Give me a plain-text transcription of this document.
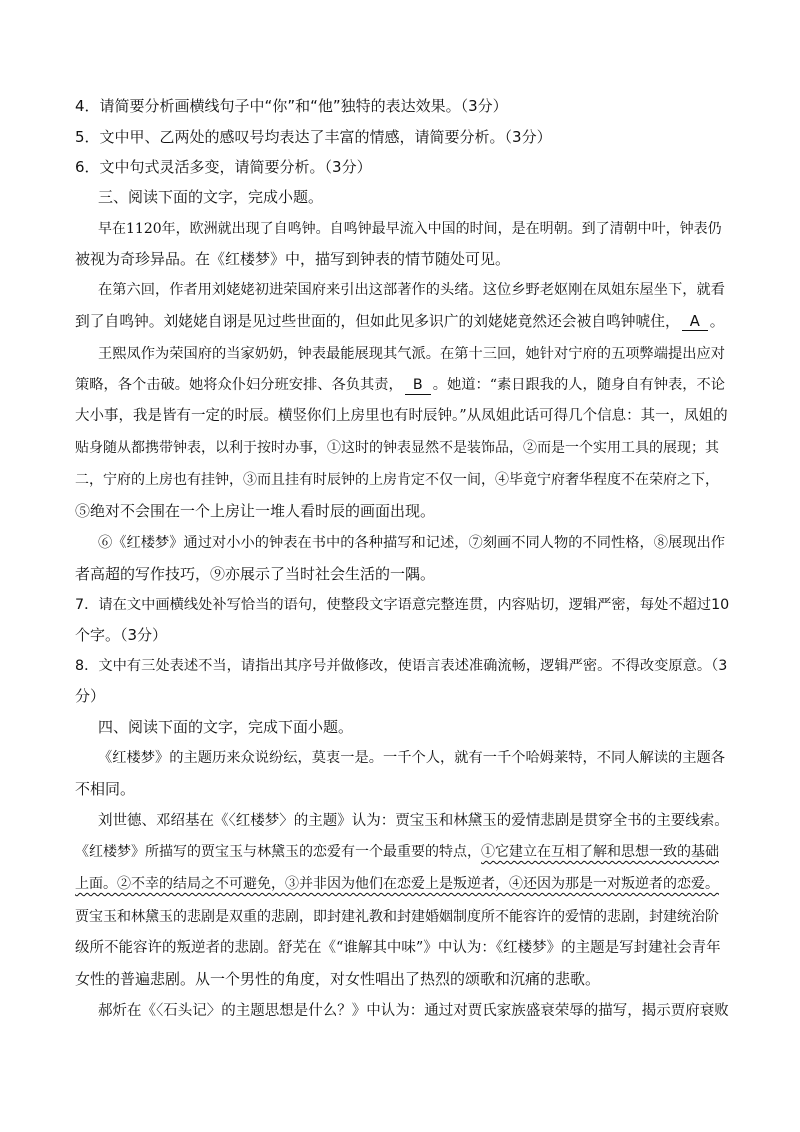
4．请简要分析画横线句子中“你”和“他”独特的表达效果。（3分）
5．文中甲、乙两处的感叹号均表达了丰富的情感，请简要分析。（3分）
6．文中句式灵活多变，请简要分析。（3分）
三、阅读下面的文字，完成小题。
早在1120年，欧洲就出现了自鸣钟。自鸣钟最早流入中国的时间，是在明朝。到了清朝中叶，钟表仍
被视为奇珍异品。在《红楼梦》中，描写到钟表的情节随处可见。
在第六回，作者用刘姥姥初进荣国府来引出这部著作的头绪。这位乡野老妪刚在凤姐东屋坐下，就看
到了自鸣钟。刘姥姥自诩是见过些世面的，但如此见多识广的刘姥姥竟然还会被自鸣钟唬住， A 。
王熙凤作为荣国府的当家奶奶，钟表最能展现其气派。在第十三回，她针对宁府的五项弊端提出应对
策略，各个击破。她将众仆妇分班安排、各负其责， B 。她道：“素日跟我的人，随身自有钟表，不论
大小事，我是皆有一定的时辰。横竖你们上房里也有时辰钟。”从凤姐此话可得几个信息：其一，凤姐的
贴身随从都携带钟表，以利于按时办事，①这时的钟表显然不是装饰品，②而是一个实用工具的展现；其
二，宁府的上房也有挂钟，③而且挂有时辰钟的上房肯定不仅一间，④毕竟宁府奢华程度不在荣府之下，
⑤绝对不会围在一个上房让一堆人看时辰的画面出现。
⑥《红楼梦》通过对小小的钟表在书中的各种描写和记述，⑦刻画不同人物的不同性格，⑧展现出作
者高超的写作技巧，⑨亦展示了当时社会生活的一隅。
7．请在文中画横线处补写恰当的语句，使整段文字语意完整连贯，内容贴切，逻辑严密，每处不超过10
个字。（3分）
8．文中有三处表述不当，请指出其序号并做修改，使语言表述准确流畅，逻辑严密。不得改变原意。（3
分）
四、阅读下面的文字，完成下面小题。
《红楼梦》的主题历来众说纷纭，莫衷一是。一千个人，就有一千个哈姆莱特，不同人解读的主题各
不相同。
刘世德、邓绍基在《〈红楼梦〉的主题》认为：贾宝玉和林黛玉的爱情悲剧是贯穿全书的主要线索。
《红楼梦》所描写的贾宝玉与林黛玉的恋爱有一个最重要的特点，①它建立在互相了解和思想一致的基础
上面。②不幸的结局之不可避免，③并非因为他们在恋爱上是叛逆者，④还因为那是一对叛逆者的恋爱。
贾宝玉和林黛玉的悲剧是双重的悲剧，即封建礼教和封建婚姻制度所不能容许的爱情的悲剧，封建统治阶
级所不能容许的叛逆者的悲剧。舒芜在《“谁解其中味”》中认为：《红楼梦》的主题是写封建社会青年
女性的普遍悲剧。从一个男性的角度，对女性唱出了热烈的颂歌和沉痛的悲歌。
郝炘在《〈石头记〉的主题思想是什么？》中认为：通过对贾氏家族盛衰荣辱的描写，揭示贾府衰败
